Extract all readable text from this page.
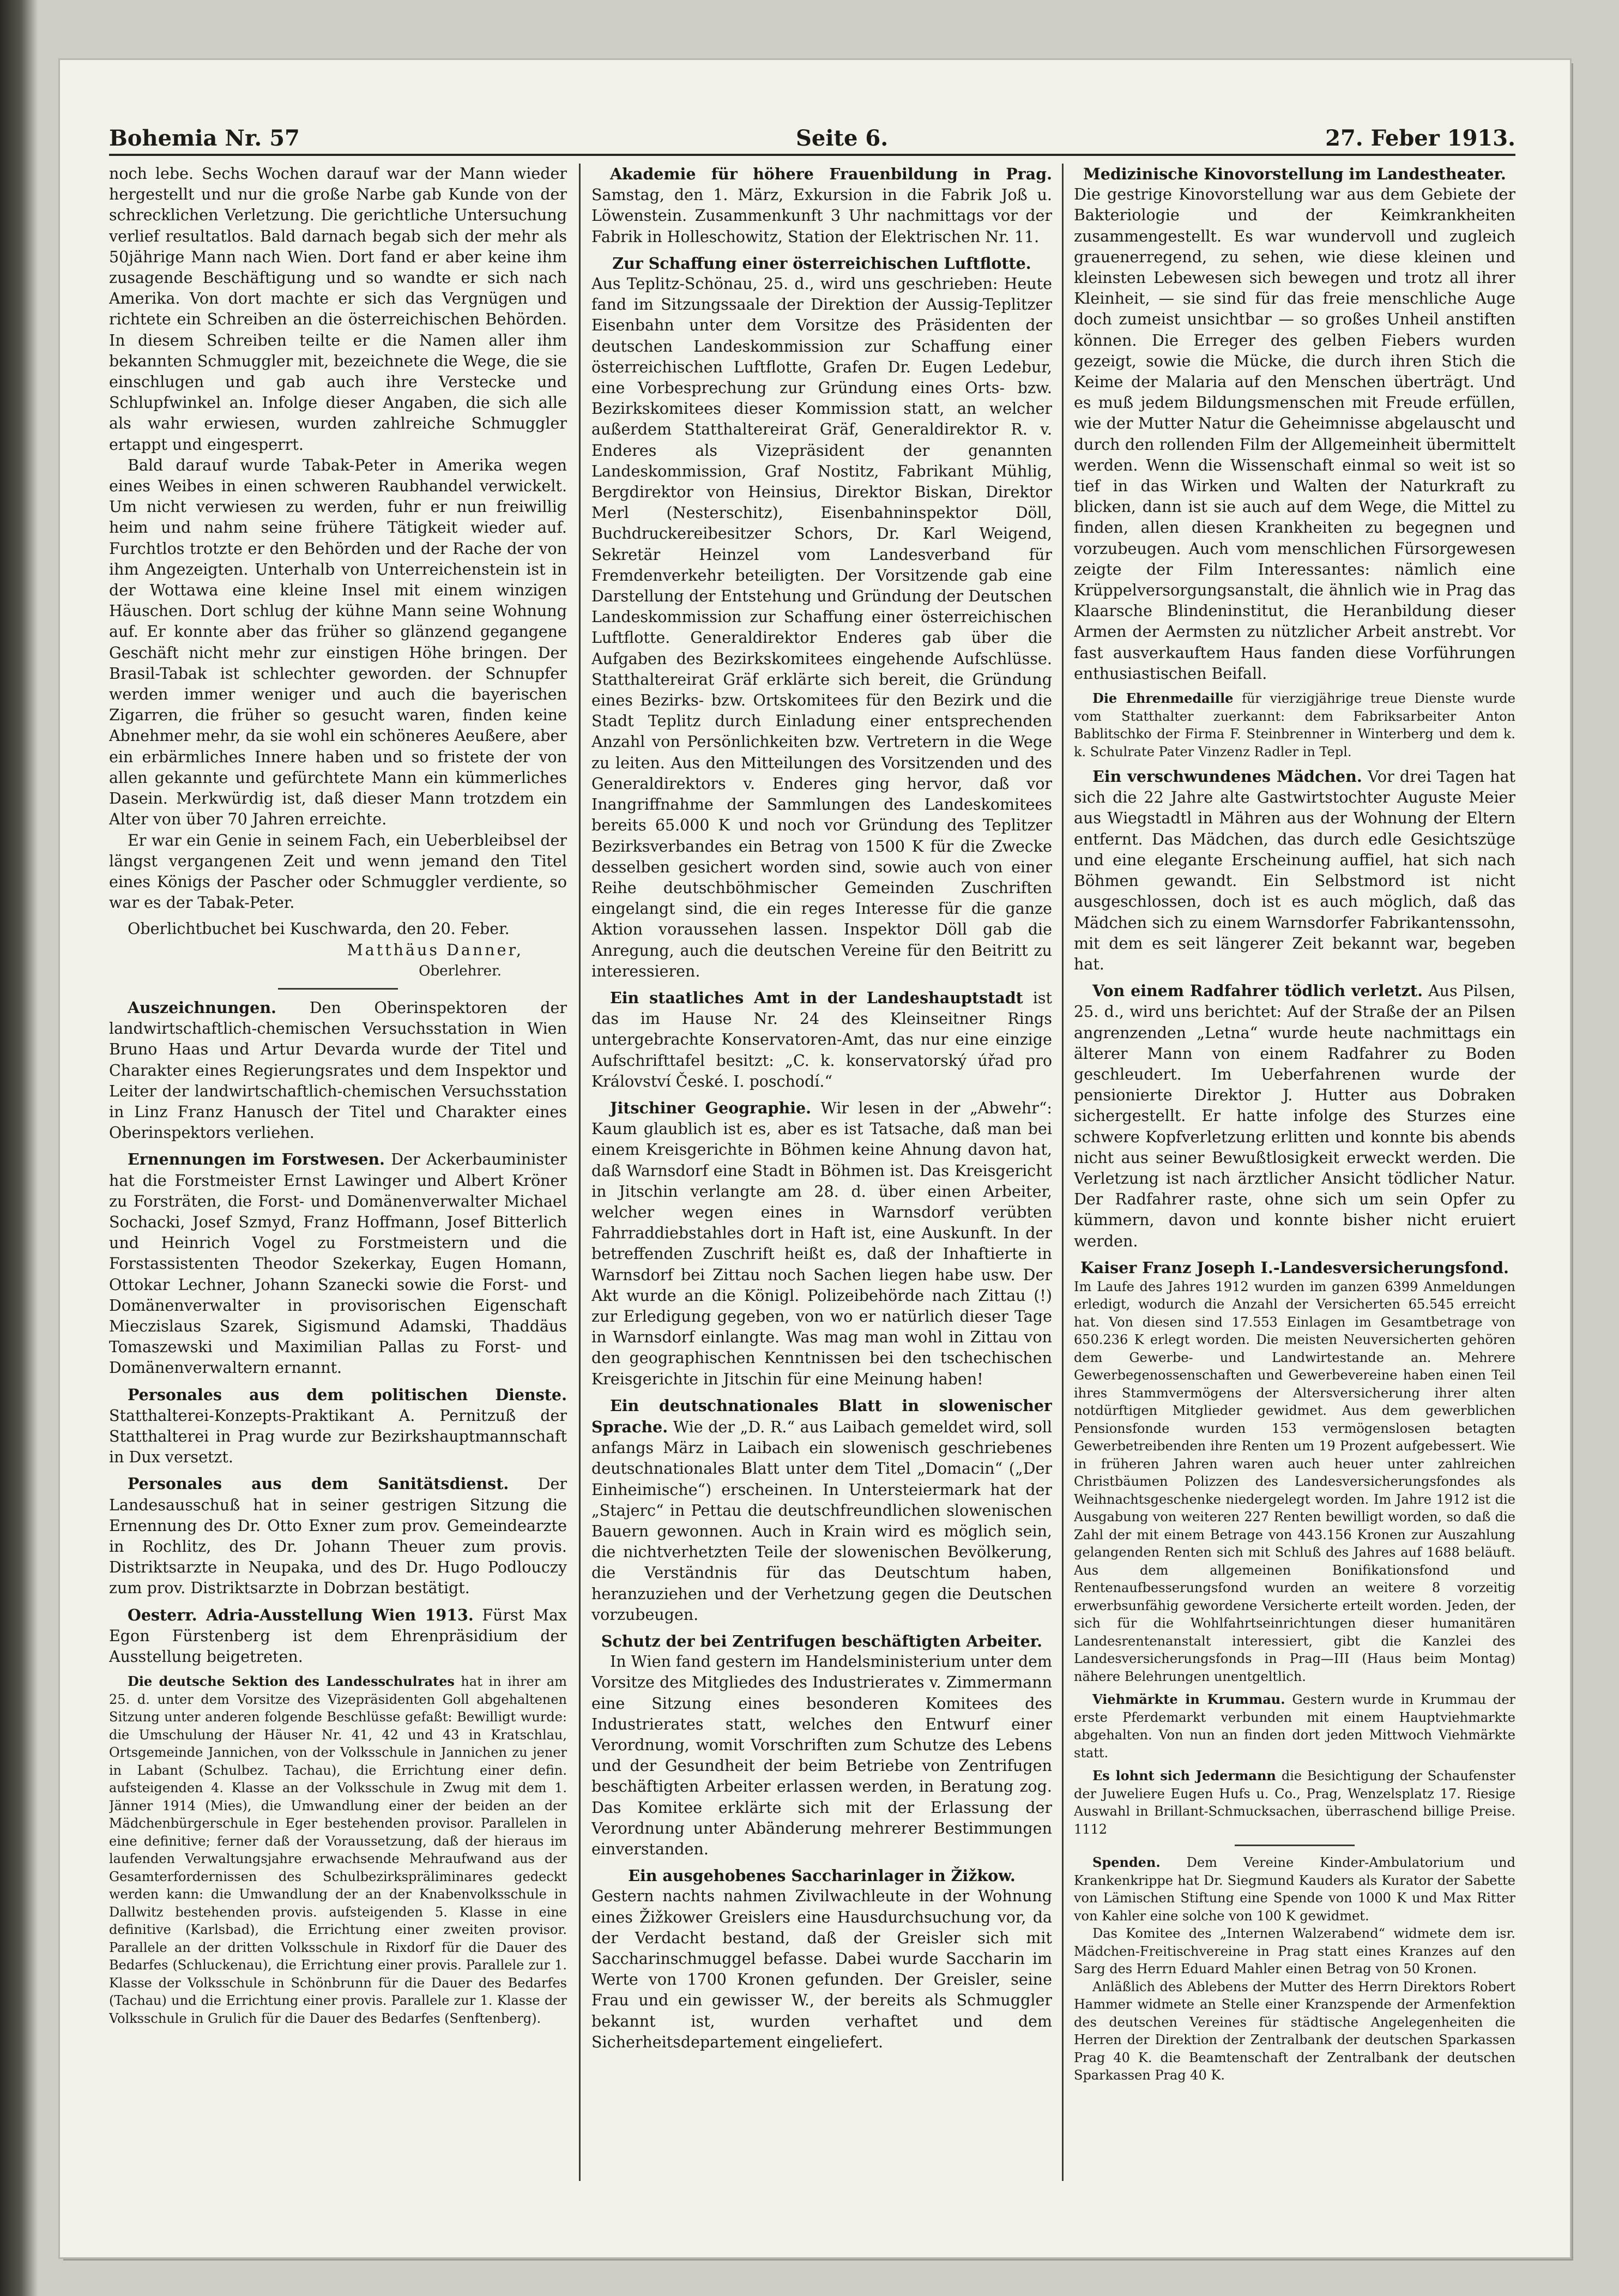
Bohemia Nr. 57	Seite 6.	27. Feber 1913.

noch lebe. Sechs Wochen darauf war der Mann wieder hergestellt und nur die große Narbe gab Kunde von der schrecklichen Verletzung. Die gerichtliche Untersuchung verlief resultatlos. Bald darnach begab sich der mehr als 50jährige Mann nach Wien. Dort fand er aber keine ihm zusagende Beschäftigung und so wandte er sich nach Amerika. Von dort machte er sich das Vergnügen und richtete ein Schreiben an die österreichischen Behörden. In diesem Schreiben teilte er die Namen aller ihm bekannten Schmuggler mit, bezeichnete die Wege, die sie einschlugen und gab auch ihre Verstecke und Schlupfwinkel an. Infolge dieser Angaben, die sich alle als wahr erwiesen, wurden zahlreiche Schmuggler ertappt und eingesperrt.

Bald darauf wurde Tabak-Peter in Amerika wegen eines Weibes in einen schweren Raubhandel verwickelt. Um nicht verwiesen zu werden, fuhr er nun freiwillig heim und nahm seine frühere Tätigkeit wieder auf. Furchtlos trotzte er den Behörden und der Rache der von ihm Angezeigten. Unterhalb von Unterreichenstein ist in der Wottawa eine kleine Insel mit einem winzigen Häuschen. Dort schlug der kühne Mann seine Wohnung auf. Er konnte aber das früher so glänzend gegangene Geschäft nicht mehr zur einstigen Höhe bringen. Der Brasil-Tabak ist schlechter geworden. der Schnupfer werden immer weniger und auch die bayerischen Zigarren, die früher so gesucht waren, finden keine Abnehmer mehr, da sie wohl ein schöneres Aeußere, aber ein erbärmliches Innere haben und so fristete der von allen gekannte und gefürchtete Mann ein kümmerliches Dasein. Merkwürdig ist, daß dieser Mann trotzdem ein Alter von über 70 Jahren erreichte.

Er war ein Genie in seinem Fach, ein Ueberbleibsel der längst vergangenen Zeit und wenn jemand den Titel eines Königs der Pascher oder Schmuggler verdiente, so war es der Tabak-Peter.

Oberlichtbuchet bei Kuschwarda, den 20. Feber.

Matthäus Danner,

Oberlehrer.

Auszeichnungen. Den Oberinspektoren der landwirtschaftlich-chemischen Versuchsstation in Wien Bruno Haas und Artur Devarda wurde der Titel und Charakter eines Regierungsrates und dem Inspektor und Leiter der landwirtschaftlich-chemischen Versuchsstation in Linz Franz Hanusch der Titel und Charakter eines Oberinspektors verliehen.

Ernennungen im Forstwesen. Der Ackerbauminister hat die Forstmeister Ernst Lawinger und Albert Kröner zu Forsträten, die Forst- und Domänenverwalter Michael Sochacki, Josef Szmyd, Franz Hoffmann, Josef Bitterlich und Heinrich Vogel zu Forstmeistern und die Forstassistenten Theodor Szekerkay, Eugen Homann, Ottokar Lechner, Johann Szanecki sowie die Forst- und Domänenverwalter in provisorischen Eigenschaft Mieczislaus Szarek, Sigismund Adamski, Thaddäus Tomaszewski und Maximilian Pallas zu Forst- und Domänenverwaltern ernannt.

Personales aus dem politischen Dienste. Statthalterei-Konzepts-Praktikant A. Pernitzuß der Statthalterei in Prag wurde zur Bezirkshauptmannschaft in Dux versetzt.

Personales aus dem Sanitätsdienst. Der Landesausschuß hat in seiner gestrigen Sitzung die Ernennung des Dr. Otto Exner zum prov. Gemeindearzte in Rochlitz, des Dr. Johann Theuer zum provis. Distriktsarzte in Neupaka, und des Dr. Hugo Podlouczy zum prov. Distriktsarzte in Dobrzan bestätigt.

Oesterr. Adria-Ausstellung Wien 1913. Fürst Max Egon Fürstenberg ist dem Ehrenpräsidium der Ausstellung beigetreten.

Die deutsche Sektion des Landesschulrates hat in ihrer am 25. d. unter dem Vorsitze des Vizepräsidenten Goll abgehaltenen Sitzung unter anderen folgende Beschlüsse gefaßt: Bewilligt wurde: die Umschulung der Häuser Nr. 41, 42 und 43 in Kratschlau, Ortsgemeinde Jannichen, von der Volksschule in Jannichen zu jener in Labant (Schulbez. Tachau), die Errichtung einer defin. aufsteigenden 4. Klasse an der Volksschule in Zwug mit dem 1. Jänner 1914 (Mies), die Umwandlung einer der beiden an der Mädchenbürgerschule in Eger bestehenden provisor. Parallelen in eine definitive; ferner daß der Voraussetzung, daß der hieraus im laufenden Verwaltungsjahre erwachsende Mehraufwand aus der Gesamterfordernissen des Schulbezirkspräliminares gedeckt werden kann: die Umwandlung der an der Knabenvolksschule in Dallwitz bestehenden provis. aufsteigenden 5. Klasse in eine definitive (Karlsbad), die Errichtung einer zweiten provisor. Parallele an der dritten Volksschule in Rixdorf für die Dauer des Bedarfes (Schluckenau), die Errichtung einer provis. Parallele zur 1. Klasse der Volksschule in Schönbrunn für die Dauer des Bedarfes (Tachau) und die Errichtung einer provis. Parallele zur 1. Klasse der Volksschule in Grulich für die Dauer des Bedarfes (Senftenberg).

Akademie für höhere Frauenbildung in Prag. Samstag, den 1. März, Exkursion in die Fabrik Joß u. Löwenstein. Zusammenkunft 3 Uhr nachmittags vor der Fabrik in Holleschowitz, Station der Elektrischen Nr. 11.

Zur Schaffung einer österreichischen Luftflotte.

Aus Teplitz-Schönau, 25. d., wird uns geschrieben: Heute fand im Sitzungssaale der Direktion der Aussig-Teplitzer Eisenbahn unter dem Vorsitze des Präsidenten der deutschen Landeskommission zur Schaffung einer österreichischen Luftflotte, Grafen Dr. Eugen Ledebur, eine Vorbesprechung zur Gründung eines Orts- bzw. Bezirkskomitees dieser Kommission statt, an welcher außerdem Statthaltereirat Gräf, Generaldirektor R. v. Enderes als Vizepräsident der genannten Landeskommission, Graf Nostitz, Fabrikant Mühlig, Bergdirektor von Heinsius, Direktor Biskan, Direktor Merl (Nesterschitz), Eisenbahninspektor Döll, Buchdruckereibesitzer Schors, Dr. Karl Weigend, Sekretär Heinzel vom Landesverband für Fremdenverkehr beteiligten. Der Vorsitzende gab eine Darstellung der Entstehung und Gründung der Deutschen Landeskommission zur Schaffung einer österreichischen Luftflotte. Generaldirektor Enderes gab über die Aufgaben des Bezirkskomitees eingehende Aufschlüsse. Statthaltereirat Gräf erklärte sich bereit, die Gründung eines Bezirks- bzw. Ortskomitees für den Bezirk und die Stadt Teplitz durch Einladung einer entsprechenden Anzahl von Persönlichkeiten bzw. Vertretern in die Wege zu leiten. Aus den Mitteilungen des Vorsitzenden und des Generaldirektors v. Enderes ging hervor, daß vor Inangriffnahme der Sammlungen des Landeskomitees bereits 65.000 K und noch vor Gründung des Teplitzer Bezirksverbandes ein Betrag von 1500 K für die Zwecke desselben gesichert worden sind, sowie auch von einer Reihe deutschböhmischer Gemeinden Zuschriften eingelangt sind, die ein reges Interesse für die ganze Aktion voraussehen lassen. Inspektor Döll gab die Anregung, auch die deutschen Vereine für den Beitritt zu interessieren.

Ein staatliches Amt in der Landeshauptstadt ist das im Hause Nr. 24 des Kleinseitner Rings untergebrachte Konservatoren-Amt, das nur eine einzige Aufschrifttafel besitzt: „C. k. konservatorský úřad pro Království České. I. poschodí.“

Jitschiner Geographie. Wir lesen in der „Abwehr“: Kaum glaublich ist es, aber es ist Tatsache, daß man bei einem Kreisgerichte in Böhmen keine Ahnung davon hat, daß Warnsdorf eine Stadt in Böhmen ist. Das Kreisgericht in Jitschin verlangte am 28. d. über einen Arbeiter, welcher wegen eines in Warnsdorf verübten Fahrraddiebstahles dort in Haft ist, eine Auskunft. In der betreffenden Zuschrift heißt es, daß der Inhaftierte in Warnsdorf bei Zittau noch Sachen liegen habe usw. Der Akt wurde an die Königl. Polizeibehörde nach Zittau (!) zur Erledigung gegeben, von wo er natürlich dieser Tage in Warnsdorf einlangte. Was mag man wohl in Zittau von den geographischen Kenntnissen bei den tschechischen Kreisgerichte in Jitschin für eine Meinung haben!

Ein deutschnationales Blatt in slowenischer Sprache. Wie der „D. R.“ aus Laibach gemeldet wird, soll anfangs März in Laibach ein slowenisch geschriebenes deutschnationales Blatt unter dem Titel „Domacin“ („Der Einheimische“) erscheinen. In Untersteiermark hat der „Stajerc“ in Pettau die deutschfreundlichen slowenischen Bauern gewonnen. Auch in Krain wird es möglich sein, die nichtverhetzten Teile der slowenischen Bevölkerung, die Verständnis für das Deutschtum haben, heranzuziehen und der Verhetzung gegen die Deutschen vorzubeugen.

Schutz der bei Zentrifugen beschäftigten Arbeiter.

In Wien fand gestern im Handelsministerium unter dem Vorsitze des Mitgliedes des Industrierates v. Zimmermann eine Sitzung eines besonderen Komitees des Industrierates statt, welches den Entwurf einer Verordnung, womit Vorschriften zum Schutze des Lebens und der Gesundheit der beim Betriebe von Zentrifugen beschäftigten Arbeiter erlassen werden, in Beratung zog. Das Komitee erklärte sich mit der Erlassung der Verordnung unter Abänderung mehrerer Bestimmungen einverstanden.

Ein ausgehobenes Saccharinlager in Žižkow.

Gestern nachts nahmen Zivilwachleute in der Wohnung eines Žižkower Greislers eine Hausdurchsuchung vor, da der Verdacht bestand, daß der Greisler sich mit Saccharinschmuggel befasse. Dabei wurde Saccharin im Werte von 1700 Kronen gefunden. Der Greisler, seine Frau und ein gewisser W., der bereits als Schmuggler bekannt ist, wurden verhaftet und dem Sicherheitsdepartement eingeliefert.

Medizinische Kinovorstellung im Landestheater.

Die gestrige Kinovorstellung war aus dem Gebiete der Bakteriologie und der Keimkrankheiten zusammengestellt. Es war wundervoll und zugleich grauenerregend, zu sehen, wie diese kleinen und kleinsten Lebewesen sich bewegen und trotz all ihrer Kleinheit, — sie sind für das freie menschliche Auge doch zumeist unsichtbar — so großes Unheil anstiften können. Die Erreger des gelben Fiebers wurden gezeigt, sowie die Mücke, die durch ihren Stich die Keime der Malaria auf den Menschen überträgt. Und es muß jedem Bildungsmenschen mit Freude erfüllen, wie der Mutter Natur die Geheimnisse abgelauscht und durch den rollenden Film der Allgemeinheit übermittelt werden. Wenn die Wissenschaft einmal so weit ist so tief in das Wirken und Walten der Naturkraft zu blicken, dann ist sie auch auf dem Wege, die Mittel zu finden, allen diesen Krankheiten zu begegnen und vorzubeugen. Auch vom menschlichen Fürsorgewesen zeigte der Film Interessantes: nämlich eine Krüppelversorgungsanstalt, die ähnlich wie in Prag das Klaarsche Blindeninstitut, die Heranbildung dieser Armen der Aermsten zu nützlicher Arbeit anstrebt. Vor fast ausverkauftem Haus fanden diese Vorführungen enthusiastischen Beifall.

Die Ehrenmedaille für vierzigjährige treue Dienste wurde vom Statthalter zuerkannt: dem Fabriksarbeiter Anton Bablitschko der Firma F. Steinbrenner in Winterberg und dem k. k. Schulrate Pater Vinzenz Radler in Tepl.

Ein verschwundenes Mädchen. Vor drei Tagen hat sich die 22 Jahre alte Gastwirtstochter Auguste Meier aus Wiegstadtl in Mähren aus der Wohnung der Eltern entfernt. Das Mädchen, das durch edle Gesichtszüge und eine elegante Erscheinung auffiel, hat sich nach Böhmen gewandt. Ein Selbstmord ist nicht ausgeschlossen, doch ist es auch möglich, daß das Mädchen sich zu einem Warnsdorfer Fabrikantenssohn, mit dem es seit längerer Zeit bekannt war, begeben hat.

Von einem Radfahrer tödlich verletzt. Aus Pilsen, 25. d., wird uns berichtet: Auf der Straße der an Pilsen angrenzenden „Letna“ wurde heute nachmittags ein älterer Mann von einem Radfahrer zu Boden geschleudert. Im Ueberfahrenen wurde der pensionierte Direktor J. Hutter aus Dobraken sichergestellt. Er hatte infolge des Sturzes eine schwere Kopfverletzung erlitten und konnte bis abends nicht aus seiner Bewußtlosigkeit erweckt werden. Die Verletzung ist nach ärztlicher Ansicht tödlicher Natur. Der Radfahrer raste, ohne sich um sein Opfer zu kümmern, davon und konnte bisher nicht eruiert werden.

Kaiser Franz Joseph I.-Landesversicherungsfond.

Im Laufe des Jahres 1912 wurden im ganzen 6399 Anmeldungen erledigt, wodurch die Anzahl der Versicherten 65.545 erreicht hat. Von diesen sind 17.553 Einlagen im Gesamtbetrage von 650.236 K erlegt worden. Die meisten Neuversicherten gehören dem Gewerbe- und Landwirtestande an. Mehrere Gewerbegenossenschaften und Gewerbevereine haben einen Teil ihres Stammvermögens der Altersversicherung ihrer alten notdürftigen Mitglieder gewidmet. Aus dem gewerblichen Pensionsfonde wurden 153 vermögenslosen betagten Gewerbetreibenden ihre Renten um 19 Prozent aufgebessert. Wie in früheren Jahren waren auch heuer unter zahlreichen Christbäumen Polizzen des Landesversicherungsfondes als Weihnachtsgeschenke niedergelegt worden. Im Jahre 1912 ist die Ausgabung von weiteren 227 Renten bewilligt worden, so daß die Zahl der mit einem Betrage von 443.156 Kronen zur Auszahlung gelangenden Renten sich mit Schluß des Jahres auf 1688 beläuft. Aus dem allgemeinen Bonifikationsfond und Rentenaufbesserungsfond wurden an weitere 8 vorzeitig erwerbsunfähig gewordene Versicherte erteilt worden. Jeden, der sich für die Wohlfahrtseinrichtungen dieser humanitären Landesrentenanstalt interessiert, gibt die Kanzlei des Landesversicherungsfonds in Prag—III (Haus beim Montag) nähere Belehrungen unentgeltlich.

Viehmärkte in Krummau. Gestern wurde in Krummau der erste Pferdemarkt verbunden mit einem Hauptviehmarkte abgehalten. Von nun an finden dort jeden Mittwoch Viehmärkte statt.

Es lohnt sich Jedermann die Besichtigung der Schaufenster der Juweliere Eugen Hufs u. Co., Prag, Wenzelsplatz 17. Riesige Auswahl in Brillant-Schmucksachen, überraschend billige Preise. 1112

Spenden. Dem Vereine Kinder-Ambulatorium und Krankenkrippe hat Dr. Siegmund Kauders als Kurator der Sabette von Lämischen Stiftung eine Spende von 1000 K und Max Ritter von Kahler eine solche von 100 K gewidmet.

Das Komitee des „Internen Walzerabend“ widmete dem isr. Mädchen-Freitischvereine in Prag statt eines Kranzes auf den Sarg des Herrn Eduard Mahler einen Betrag von 50 Kronen.

Anläßlich des Ablebens der Mutter des Herrn Direktors Robert Hammer widmete an Stelle einer Kranzspende der Armenfektion des deutschen Vereines für städtische Angelegenheiten die Herren der Direktion der Zentralbank der deutschen Sparkassen Prag 40 K. die Beamtenschaft der Zentralbank der deutschen Sparkassen Prag 40 K.
